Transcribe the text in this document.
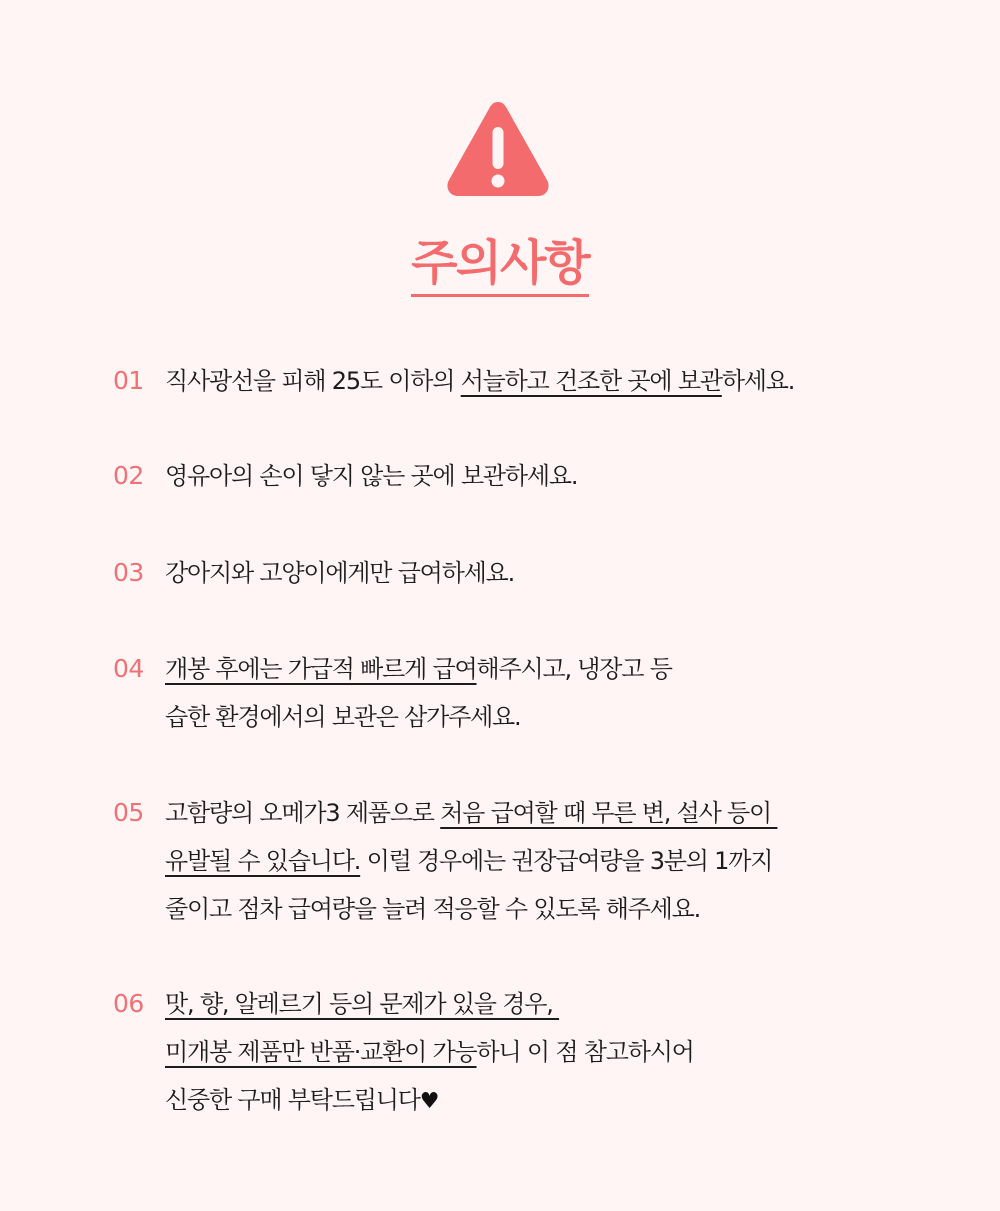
주의사항
01 직사광선을 피해 25도 이하의 서늘하고 건조한 곳에 보관하세요.
02 영유아의 손이 닿지 않는 곳에 보관하세요.
03 강아지와 고양이에게만 급여하세요.
04 개봉 후에는 가급적 빠르게 급여해주시고, 냉장고 등
습한 환경에서의 보관은 삼가주세요.
05 고함량의 오메가3 제품으로 처음 급여할 때 무른 변, 설사 등이
유발될 수 있습니다. 이럴 경우에는 권장급여량을 3분의 1까지
줄이고 점차 급여량을 늘려 적응할 수 있도록 해주세요.
06 맛, 향, 알레르기 등의 문제가 있을 경우,
미개봉 제품만 반품·교환이 가능하니 이 점 참고하시어
신중한 구매 부탁드립니다♥
